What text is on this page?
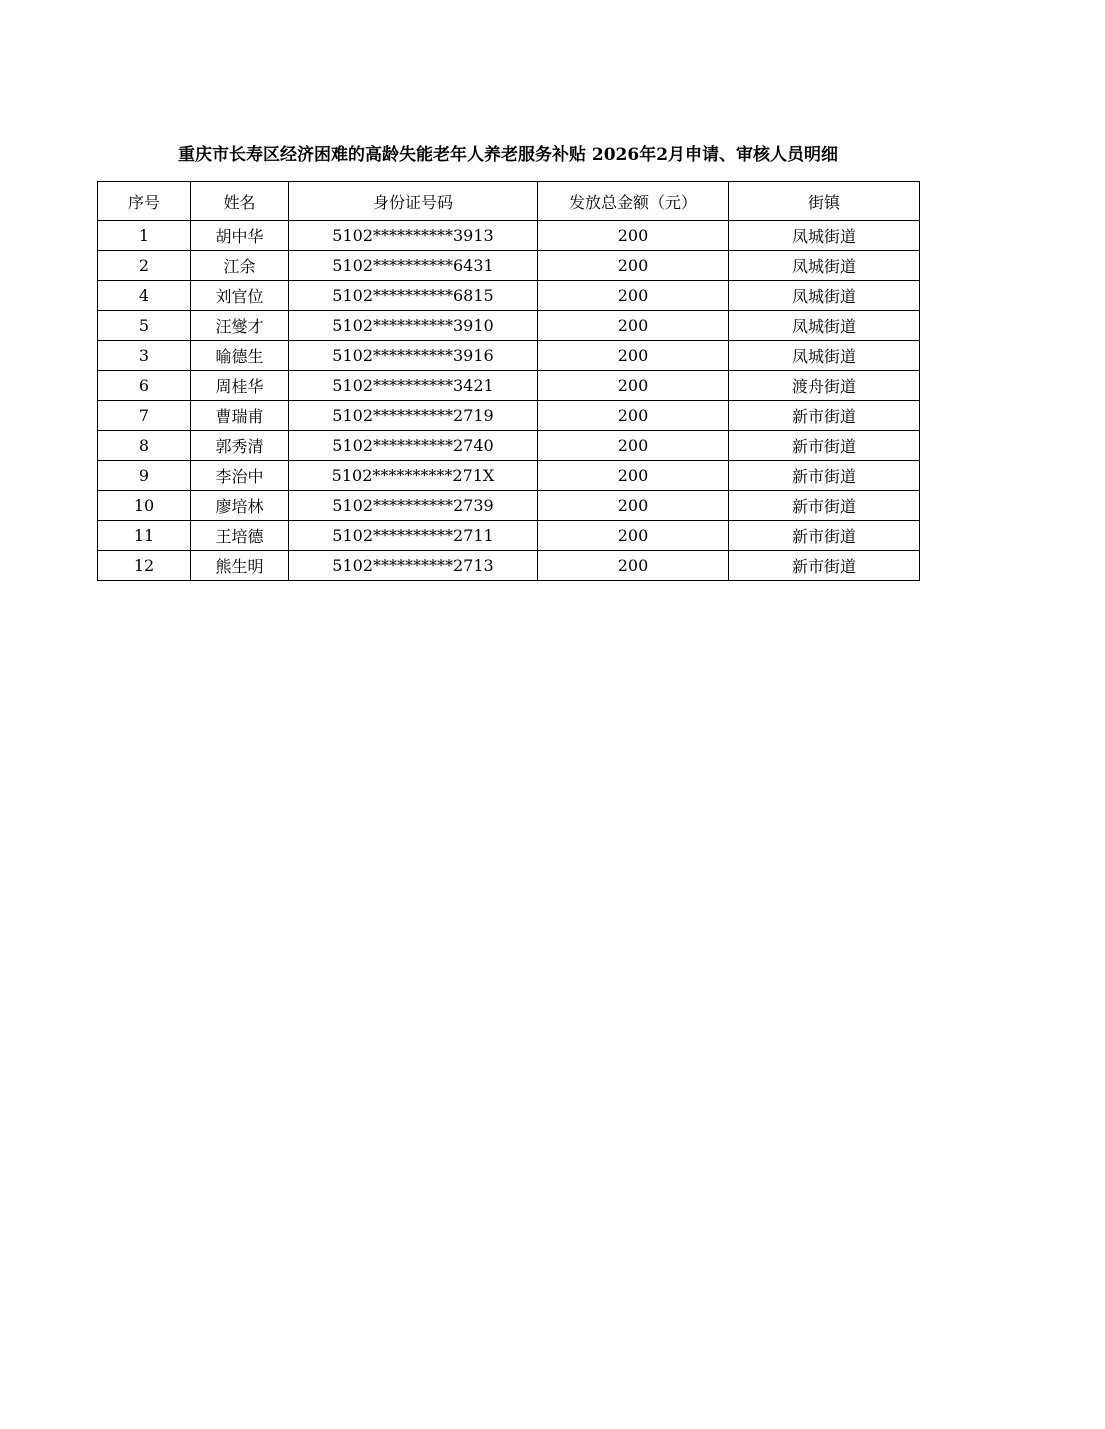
重庆市长寿区经济困难的高龄失能老年人养老服务补贴 2026年2月申请、审核人员明细
序号	姓名	身份证号码	发放总金额（元）	街镇
1	胡中华	5102**********3913	200	凤城街道
2	江余	5102**********6431	200	凤城街道
4	刘官位	5102**********6815	200	凤城街道
5	汪燮才	5102**********3910	200	凤城街道
3	喻德生	5102**********3916	200	凤城街道
6	周桂华	5102**********3421	200	渡舟街道
7	曹瑞甫	5102**********2719	200	新市街道
8	郭秀清	5102**********2740	200	新市街道
9	李治中	5102**********271X	200	新市街道
10	廖培林	5102**********2739	200	新市街道
11	王培德	5102**********2711	200	新市街道
12	熊生明	5102**********2713	200	新市街道
